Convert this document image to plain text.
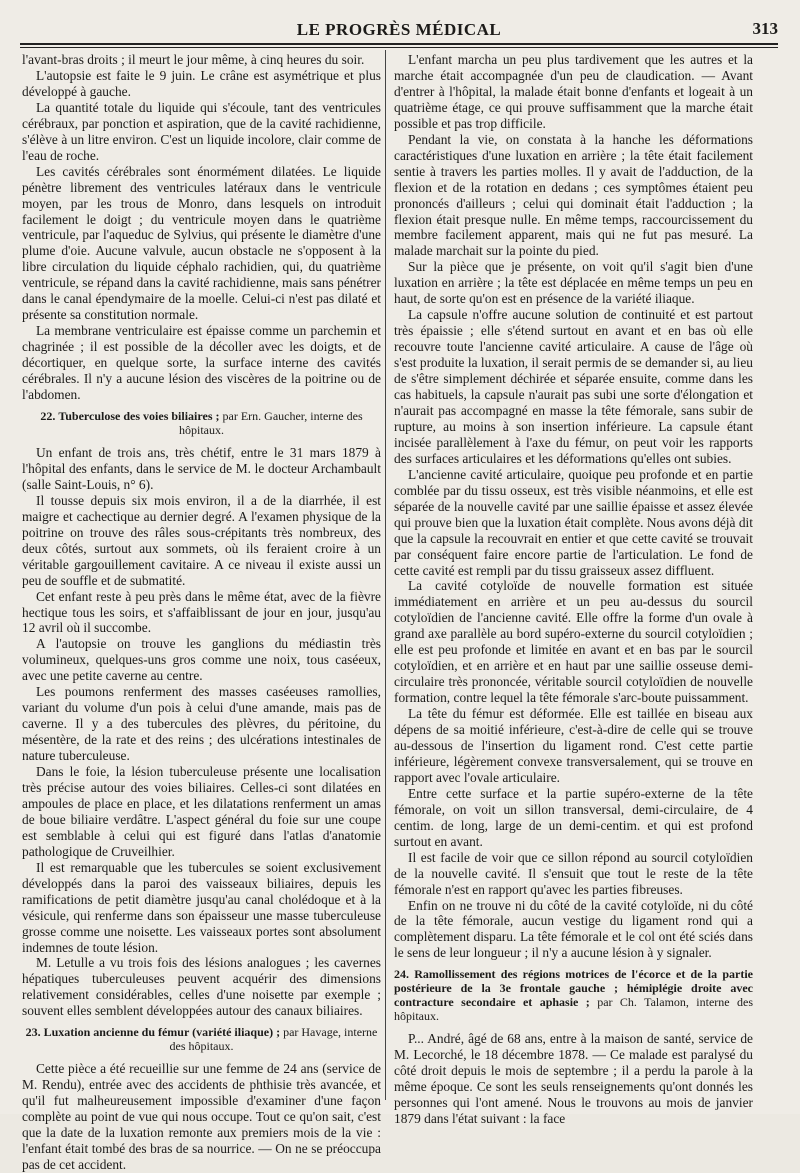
LE PROGRÈS MÉDICAL	313

l'avant-bras droits ; il meurt le jour même, à cinq heures du soir.

L'autopsie est faite le 9 juin. Le crâne est asymétrique et plus développé à gauche.

La quantité totale du liquide qui s'écoule, tant des ventricules cérébraux, par ponction et aspiration, que de la cavité rachidienne, s'élève à un litre environ. C'est un liquide incolore, clair comme de l'eau de roche.

Les cavités cérébrales sont énormément dilatées. Le liquide pénètre librement des ventricules latéraux dans le ventricule moyen, par les trous de Monro, dans lesquels on introduit facilement le doigt ; du ventricule moyen dans le quatrième ventricule, par l'aqueduc de Sylvius, qui présente le diamètre d'une plume d'oie. Aucune valvule, aucun obstacle ne s'opposent à la libre circulation du liquide céphalo rachidien, qui, du quatrième ventricule, se répand dans la cavité rachidienne, mais sans pénétrer dans le canal épendymaire de la moelle. Celui-ci n'est pas dilaté et présente sa constitution normale.

La membrane ventriculaire est épaisse comme un parchemin et chagrinée ; il est possible de la décoller avec les doigts, et de décortiquer, en quelque sorte, la surface interne des cavités cérébrales. Il n'y a aucune lésion des viscères de la poitrine ou de l'abdomen.

22. Tuberculose des voies biliaires ; par Ern. Gaucher, interne des hôpitaux.

Un enfant de trois ans, très chétif, entre le 31 mars 1879 à l'hôpital des enfants, dans le service de M. le docteur Archambault (salle Saint-Louis, n° 6).

Il tousse depuis six mois environ, il a de la diarrhée, il est maigre et cachectique au dernier degré. A l'examen physique de la poitrine on trouve des râles sous-crépitants très nombreux, des deux côtés, surtout aux sommets, où ils feraient croire à un véritable gargouillement cavitaire. A ce niveau il existe aussi un peu de souffle et de submatité.

Cet enfant reste à peu près dans le même état, avec de la fièvre hectique tous les soirs, et s'affaiblissant de jour en jour, jusqu'au 12 avril où il succombe.

A l'autopsie on trouve les ganglions du médiastin très volumineux, quelques-uns gros comme une noix, tous caséeux, avec une petite caverne au centre.

Les poumons renferment des masses caséeuses ramollies, variant du volume d'un pois à celui d'une amande, mais pas de caverne. Il y a des tubercules des plèvres, du péritoine, du mésentère, de la rate et des reins ; des ulcérations intestinales de nature tuberculeuse.

Dans le foie, la lésion tuberculeuse présente une localisation très précise autour des voies biliaires. Celles-ci sont dilatées en ampoules de place en place, et les dilatations renferment un amas de boue biliaire verdâtre. L'aspect général du foie sur une coupe est semblable à celui qui est figuré dans l'atlas d'anatomie pathologique de Cruveilhier.

Il est remarquable que les tubercules se soient exclusivement développés dans la paroi des vaisseaux biliaires, depuis les ramifications de petit diamètre jusqu'au canal cholédoque et à la vésicule, qui renferme dans son épaisseur une masse tuberculeuse grosse comme une noisette. Les vaisseaux portes sont absolument indemnes de toute lésion.

M. Letulle a vu trois fois des lésions analogues ; les cavernes hépatiques tuberculeuses peuvent acquérir des dimensions relativement considérables, celles d'une noisette par exemple ; souvent elles semblent développées autour des canaux biliaires.

23. Luxation ancienne du fémur (variété iliaque) ; par Havage, interne des hôpitaux.

Cette pièce a été recueillie sur une femme de 24 ans (service de M. Rendu), entrée avec des accidents de phthisie très avancée, et qu'il fut malheureusement impossible d'examiner d'une façon complète au point de vue qui nous occupe. Tout ce qu'on sait, c'est que la date de la luxation remonte aux premiers mois de la vie : l'enfant était tombé des bras de sa nourrice. — On ne se préoccupa pas de cet accident.

L'enfant marcha un peu plus tardivement que les autres et la marche était accompagnée d'un peu de claudication. — Avant d'entrer à l'hôpital, la malade était bonne d'enfants et logeait à un quatrième étage, ce qui prouve suffisamment que la marche était possible et pas trop difficile.

Pendant la vie, on constata à la hanche les déformations caractéristiques d'une luxation en arrière ; la tête était facilement sentie à travers les parties molles. Il y avait de l'adduction, de la flexion et de la rotation en dedans ; ces symptômes étaient peu prononcés d'ailleurs ; celui qui dominait était l'adduction ; la flexion était presque nulle. En même temps, raccourcissement du membre facilement apparent, mais qui ne fut pas mesuré. La malade marchait sur la pointe du pied.

Sur la pièce que je présente, on voit qu'il s'agit bien d'une luxation en arrière ; la tête est déplacée en même temps un peu en haut, de sorte qu'on est en présence de la variété iliaque.

La capsule n'offre aucune solution de continuité et est partout très épaissie ; elle s'étend surtout en avant et en bas où elle recouvre toute l'ancienne cavité articulaire. A cause de l'âge où s'est produite la luxation, il serait permis de se demander si, au lieu de s'être simplement déchirée et séparée ensuite, comme dans les cas habituels, la capsule n'aurait pas subi une sorte d'élongation et n'aurait pas accompagné en masse la tête fémorale, sans subir de rupture, au moins à son insertion inférieure. La capsule étant incisée parallèlement à l'axe du fémur, on peut voir les rapports des surfaces articulaires et les déformations qu'elles ont subies.

L'ancienne cavité articulaire, quoique peu profonde et en partie comblée par du tissu osseux, est très visible néanmoins, et elle est séparée de la nouvelle cavité par une saillie épaisse et assez élevée qui prouve bien que la luxation était complète. Nous avons déjà dit que la capsule la recouvrait en entier et que cette cavité se trouvait par conséquent faire encore partie de l'articulation. Le fond de cette cavité est rempli par du tissu graisseux assez diffluent.

La cavité cotyloïde de nouvelle formation est située immédiatement en arrière et un peu au-dessus du sourcil cotyloïdien de l'ancienne cavité. Elle offre la forme d'un ovale à grand axe parallèle au bord supéro-externe du sourcil cotyloïdien ; elle est peu profonde et limitée en avant et en bas par le sourcil cotyloïdien, et en arrière et en haut par une saillie osseuse demi-circulaire très prononcée, véritable sourcil cotyloïdien de nouvelle formation, contre lequel la tête fémorale s'arc-boute puissamment.

La tête du fémur est déformée. Elle est taillée en biseau aux dépens de sa moitié inférieure, c'est-à-dire de celle qui se trouve au-dessous de l'insertion du ligament rond. C'est cette partie inférieure, légèrement convexe transversalement, qui se trouve en rapport avec l'ovale articulaire.

Entre cette surface et la partie supéro-externe de la tête fémorale, on voit un sillon transversal, demi-circulaire, de 4 centim. de long, large de un demi-centim. et qui est profond surtout en avant.

Il est facile de voir que ce sillon répond au sourcil cotyloïdien de la nouvelle cavité. Il s'ensuit que tout le reste de la tête fémorale n'est en rapport qu'avec les parties fibreuses.

Enfin on ne trouve ni du côté de la cavité cotyloïde, ni du côté de la tête fémorale, aucun vestige du ligament rond qui a complètement disparu. La tête fémorale et le col ont été sciés dans le sens de leur longueur ; il n'y a aucune lésion à y signaler.

24. Ramollissement des régions motrices de l'écorce et de la partie postérieure de la 3e frontale gauche ; hémiplégie droite avec contracture secondaire et aphasie ; par Ch. Talamon, interne des hôpitaux.

P... André, âgé de 68 ans, entre à la maison de santé, service de M. Lecorché, le 18 décembre 1878. — Ce malade est paralysé du côté droit depuis le mois de septembre ; il a perdu la parole à la même époque. Ce sont les seuls renseignements qu'ont donnés les personnes qui l'ont amené. Nous le trouvons au mois de janvier 1879 dans l'état suivant : la face
